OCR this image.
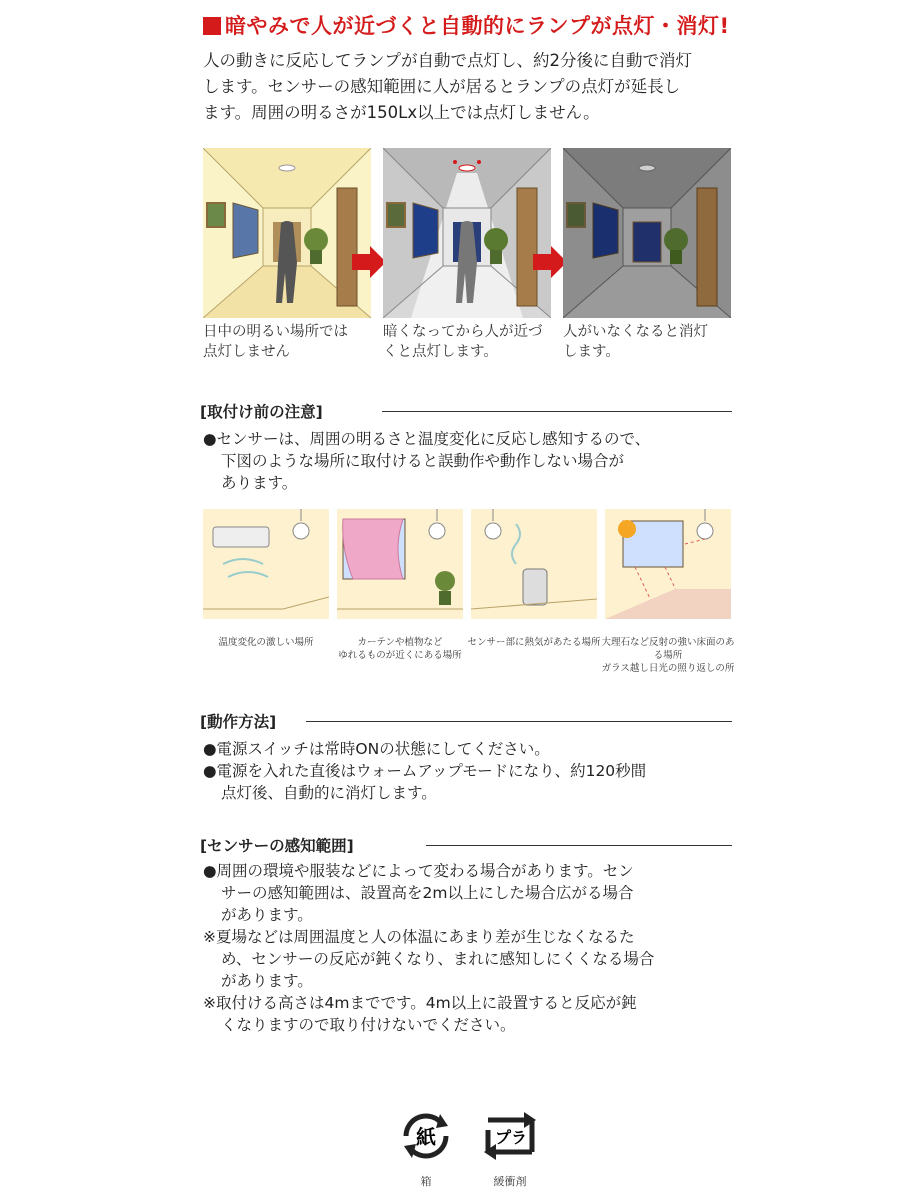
暗やみで人が近づくと自動的にランプが点灯・消灯!
人の動きに反応してランプが自動で点灯し、約2分後に自動で消灯
します。センサーの感知範囲に人が居るとランプの点灯が延長し
ます。周囲の明るさが150Lx以上では点灯しません。
日中の明るい場所では
点灯しません
暗くなってから人が近づ
くと点灯します。
人がいなくなると消灯
します。
[取付け前の注意]
●センサーは、周囲の明るさと温度変化に反応し感知するので、
下図のような場所に取付けると誤動作や動作しない場合が
あります。
温度変化の激しい場所	カーテンや植物など
ゆれるものが近くにある場所
センサー部に熱気があたる場所 大理石など反射の強い床面のある場所
ガラス越し日光の照り返しの所
[動作方法]
●電源スイッチは常時ONの状態にしてください。
●電源を入れた直後はウォームアップモードになり、約120秒間
点灯後、自動的に消灯します。
[センサーの感知範囲]
●周囲の環境や服装などによって変わる場合があります。セン
サーの感知範囲は、設置高を2m以上にした場合広がる場合
があります。
※夏場などは周囲温度と人の体温にあまり差が生じなくなるた
め、センサーの反応が鈍くなり、まれに感知しにくくなる場合
があります。
※取付ける高さは4mまでです。4m以上に設置すると反応が鈍
くなりますので取り付けないでください。
紙	プラ
箱	緩衝剤
